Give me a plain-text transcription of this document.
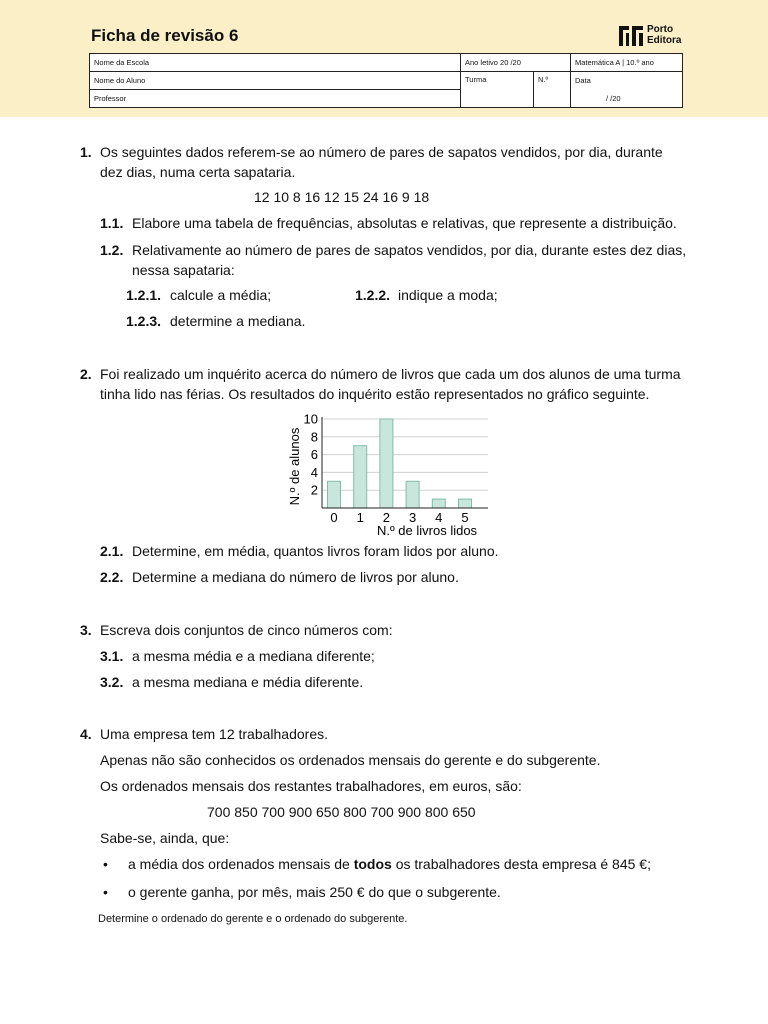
Ficha de revisão 6	Porto
Editora
Nome da Escola	Ano letivo 20 /20		Matemática A | 10.º ano
Nome do Aluno	Turma	N.º	Data
Professor			/ /20
1. Os seguintes dados referem-se ao número de pares de sapatos vendidos, por dia, durante
dez dias, numa certa sapataria.
12 10 8 16 12 15 24 16 9 18
1.1. Elabore uma tabela de frequências, absolutas e relativas, que represente a distribuição.
1.2. Relativamente ao número de pares de sapatos vendidos, por dia, durante estes dez dias,
nessa sapataria:
1.2.1. calcule a média;	1.2.2. indique a moda;
1.2.3. determine a mediana.
2. Foi realizado um inquérito acerca do número de livros que cada um dos alunos de uma turma
tinha lido nas férias. Os resultados do inquérito estão representados no gráfico seguinte.
0 1 2 3 4 5
2
4
6
8
10
N.º de livros lidos
N.º de alunos
2.1. Determine, em média, quantos livros foram lidos por aluno.
2.2. Determine a mediana do número de livros por aluno.
3. Escreva dois conjuntos de cinco números com:
3.1. a mesma média e a mediana diferente;
3.2. a mesma mediana e média diferente.
4. Uma empresa tem 12 trabalhadores.
Apenas não são conhecidos os ordenados mensais do gerente e do subgerente.
Os ordenados mensais dos restantes trabalhadores, em euros, são:
700 850 700 900 650 800 700 900 800 650
Sabe-se, ainda, que:
• a média dos ordenados mensais de todos os trabalhadores desta empresa é 845 €;
• o gerente ganha, por mês, mais 250 € do que o subgerente.
Determine o ordenado do gerente e o ordenado do subgerente.
